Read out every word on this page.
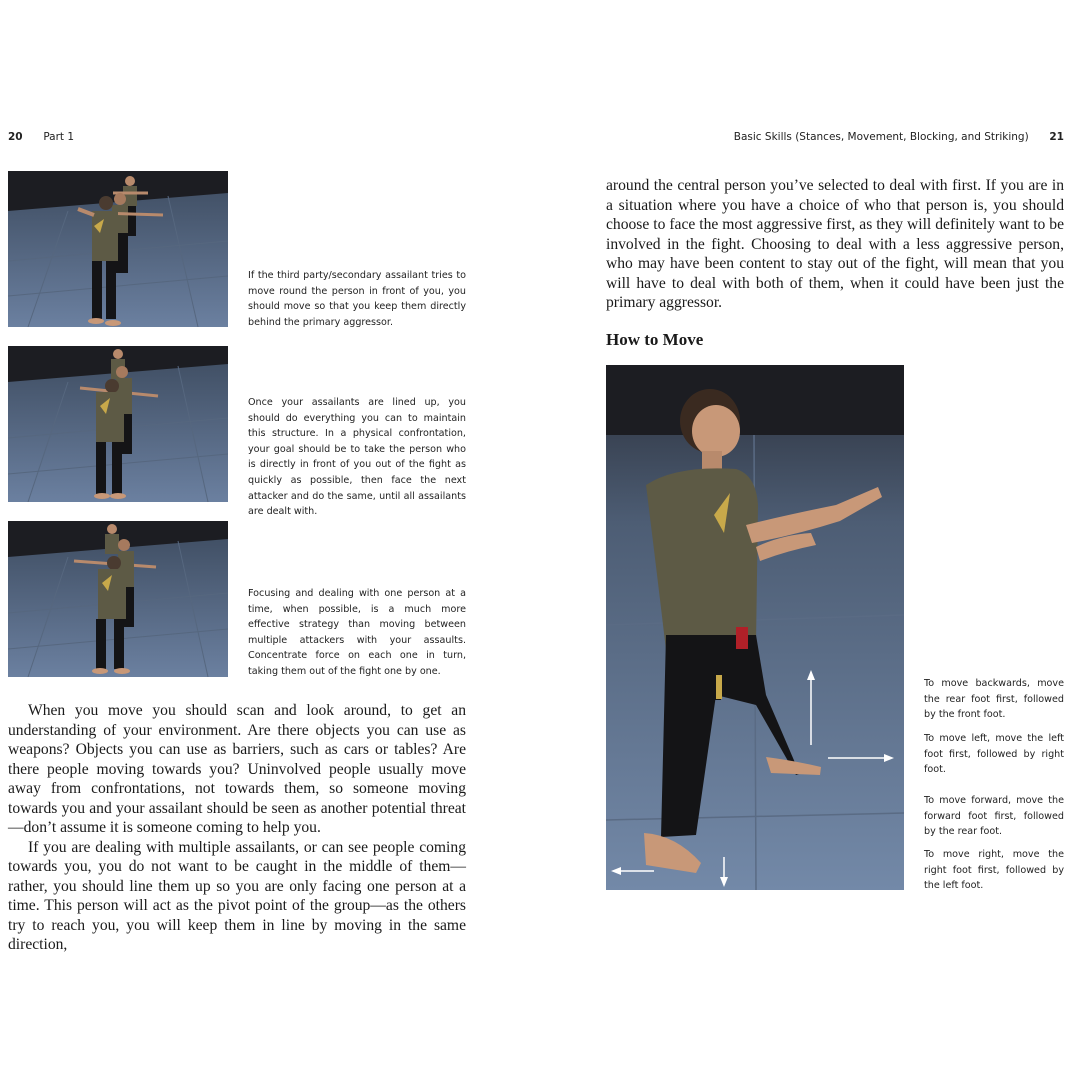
20 Part 1

If the third party/secondary assailant tries to move round the person in front of you, you should move so that you keep them directly behind the primary aggressor.

Once your assailants are lined up, you should do everything you can to maintain this structure. In a physical confrontation, your goal should be to take the person who is directly in front of you out of the fight as quickly as possible, then face the next attacker and do the same, until all assailants are dealt with.

Focusing and dealing with one person at a time, when possible, is a much more effective strategy than moving between multiple attackers with your assaults. Concentrate force on each one in turn, taking them out of the fight one by one.

When you move you should scan and look around, to get an understanding of your environment. Are there objects you can use as weapons? Objects you can use as barriers, such as cars or tables? Are there people moving towards you? Uninvolved people usually move away from confrontations, not towards them, so someone moving towards you and your assailant should be seen as another potential threat—don’t assume it is someone coming to help you.

If you are dealing with multiple assailants, or can see people coming towards you, you do not want to be caught in the middle of them—rather, you should line them up so you are only facing one person at a time. This person will act as the pivot point of the group—as the others try to reach you, you will keep them in line by moving in the same direction,

Basic Skills (Stances, Movement, Blocking, and Striking) 21

around the central person you’ve selected to deal with first. If you are in a situation where you have a choice of who that person is, you should choose to face the most aggressive first, as they will definitely want to be involved in the fight. Choosing to deal with a less aggressive person, who may have been content to stay out of the fight, will mean that you will have to deal with both of them, when it could have been just the primary aggressor.

How to Move

To move backwards, move the rear foot first, followed by the front foot.

To move left, move the left foot first, followed by right foot.

To move forward, move the forward foot first, followed by the rear foot.

To move right, move the right foot first, followed by the left foot.
